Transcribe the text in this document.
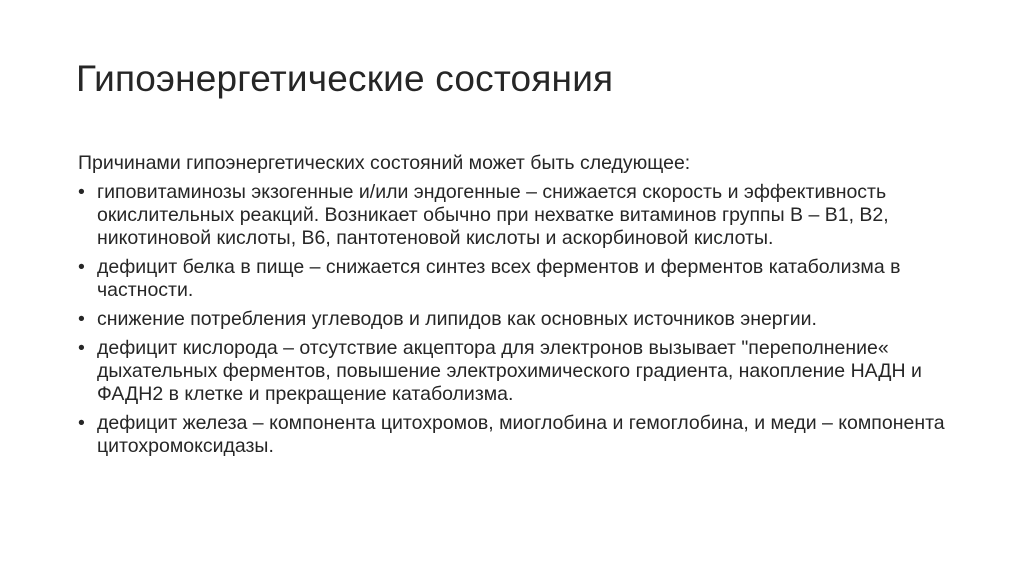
Гипоэнергетические состояния

Причинами гипоэнергетических состояний может быть следующее:

• гиповитаминозы экзогенные и/или эндогенные – снижается скорость и эффективность окислительных реакций. Возникает обычно при нехватке витаминов группы В – В1, В2, никотиновой кислоты, В6, пантотеновой кислоты и аскорбиновой кислоты.
• дефицит белка в пище – снижается синтез всех ферментов и ферментов катаболизма в частности.
• снижение потребления углеводов и липидов как основных источников энергии.
• дефицит кислорода – отсутствие акцептора для электронов вызывает "переполнение« дыхательных ферментов, повышение электрохимического градиента, накопление НАДН и ФАДН2 в клетке и прекращение катаболизма.
• дефицит железа – компонента цитохромов, миоглобина и гемоглобина, и меди – компонента цитохромоксидазы.
